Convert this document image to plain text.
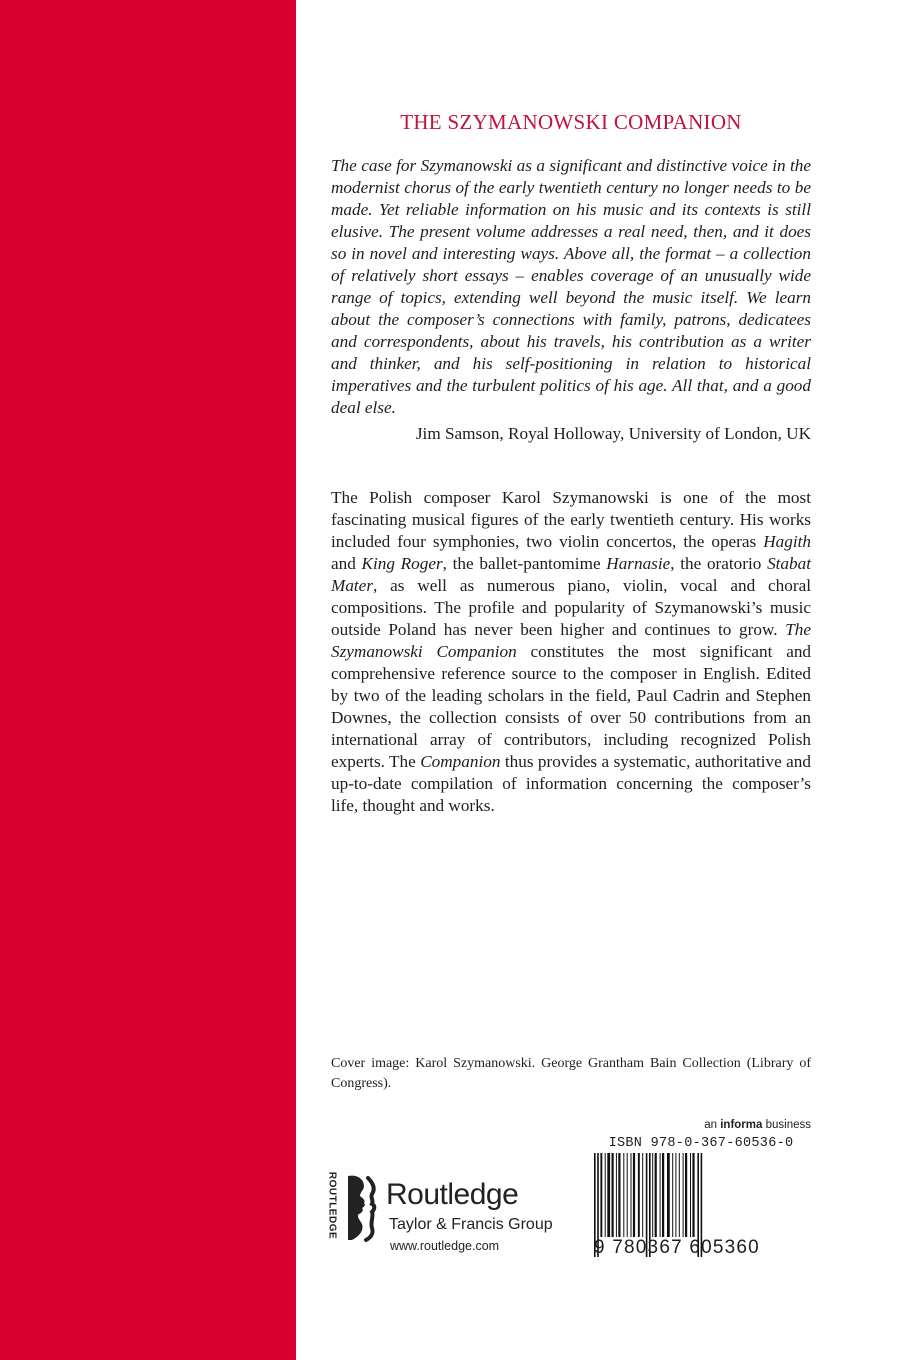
THE SZYMANOWSKI COMPANION

The case for Szymanowski as a significant and distinctive voice in the modernist chorus of the early twentieth century no longer needs to be made. Yet reliable information on his music and its contexts is still elusive. The present volume addresses a real need, then, and it does so in novel and interesting ways. Above all, the format – a collection of relatively short essays – enables coverage of an unusually wide range of topics, extending well beyond the music itself. We learn about the composer’s connections with family, patrons, dedicatees and correspondents, about his travels, his contribution as a writer and thinker, and his self-positioning in relation to historical imperatives and the turbulent politics of his age. All that, and a good deal else.

Jim Samson, Royal Holloway, University of London, UK

The Polish composer Karol Szymanowski is one of the most fascinating musical figures of the early twentieth century. His works included four symphonies, two violin concertos, the operas Hagith and King Roger, the ballet-pantomime Harnasie, the oratorio Stabat Mater, as well as numerous piano, violin, vocal and choral compositions. The profile and popularity of Szymanowski’s music outside Poland has never been higher and continues to grow. The Szymanowski Companion constitutes the most significant and comprehensive reference source to the composer in English. Edited by two of the leading scholars in the field, Paul Cadrin and Stephen Downes, the collection consists of over 50 contributions from an international array of contributors, including recognized Polish experts. The Companion thus provides a systematic, authoritative and up-to-date compilation of information concerning the composer’s life, thought and works.

Cover image: Karol Szymanowski. George Grantham Bain Collection (Library of Congress).

an informa business
ROUTLEDGE Routledge
Taylor & Francis Group
www.routledge.com
ISBN 978-0-367-60536-0
9 780367 605360
